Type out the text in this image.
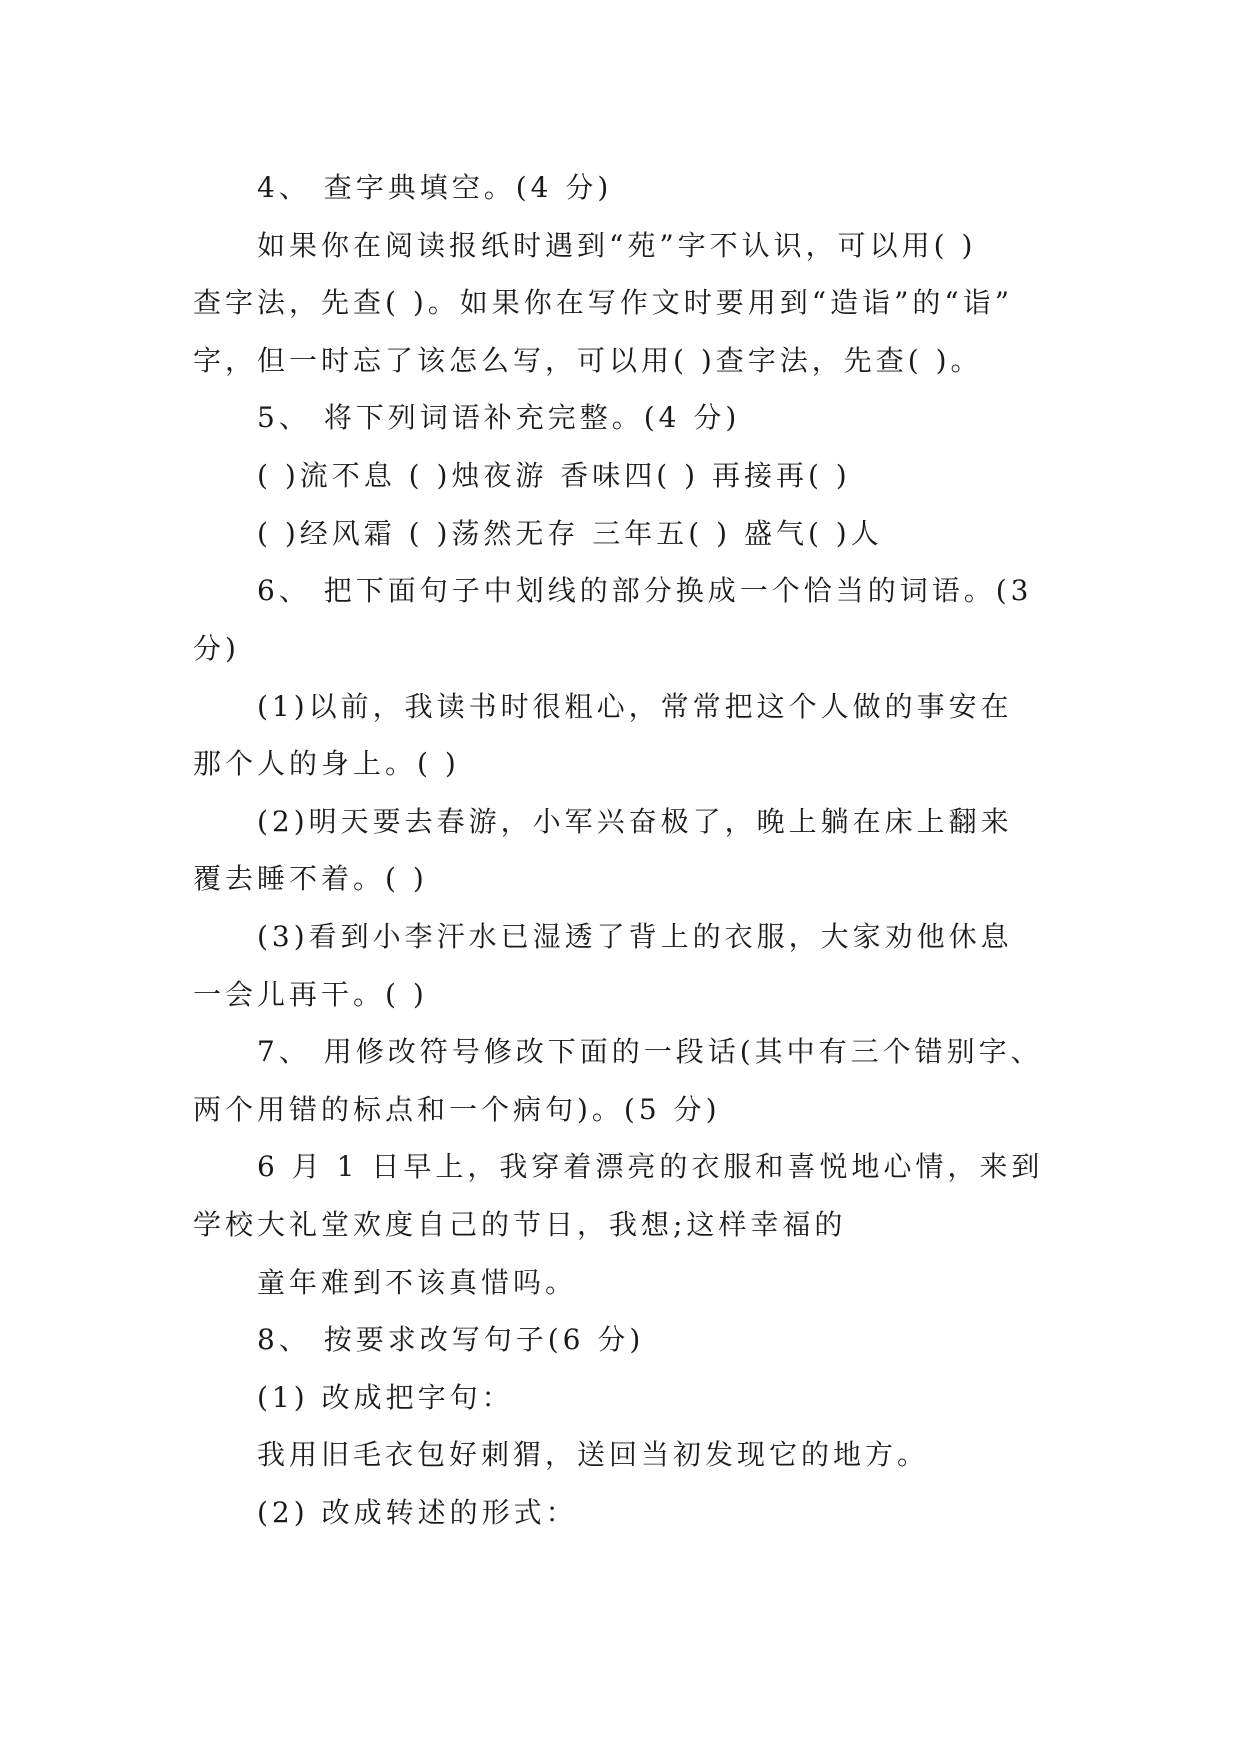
4、 查字典填空。(4 分)
如果你在阅读报纸时遇到“苑”字不认识，可以用( )
查字法，先查( )。如果你在写作文时要用到“造诣”的“诣”
字，但一时忘了该怎么写，可以用( )查字法，先查( )。
5、 将下列词语补充完整。(4 分)
( )流不息 ( )烛夜游 香味四( ) 再接再( )
( )经风霜 ( )荡然无存 三年五( ) 盛气( )人
6、 把下面句子中划线的部分换成一个恰当的词语。(3
分)
(1)以前，我读书时很粗心，常常把这个人做的事安在
那个人的身上。( )
(2)明天要去春游，小军兴奋极了，晚上躺在床上翻来
覆去睡不着。( )
(3)看到小李汗水已湿透了背上的衣服，大家劝他休息
一会儿再干。( )
7、 用修改符号修改下面的一段话(其中有三个错别字、
两个用错的标点和一个病句)。(5 分)
6 月 1 日早上，我穿着漂亮的衣服和喜悦地心情，来到
学校大礼堂欢度自己的节日，我想;这样幸福的
童年难到不该真惜吗。
8、 按要求改写句子(6 分)
(1) 改成把字句：
我用旧毛衣包好刺猬，送回当初发现它的地方。
(2) 改成转述的形式：
